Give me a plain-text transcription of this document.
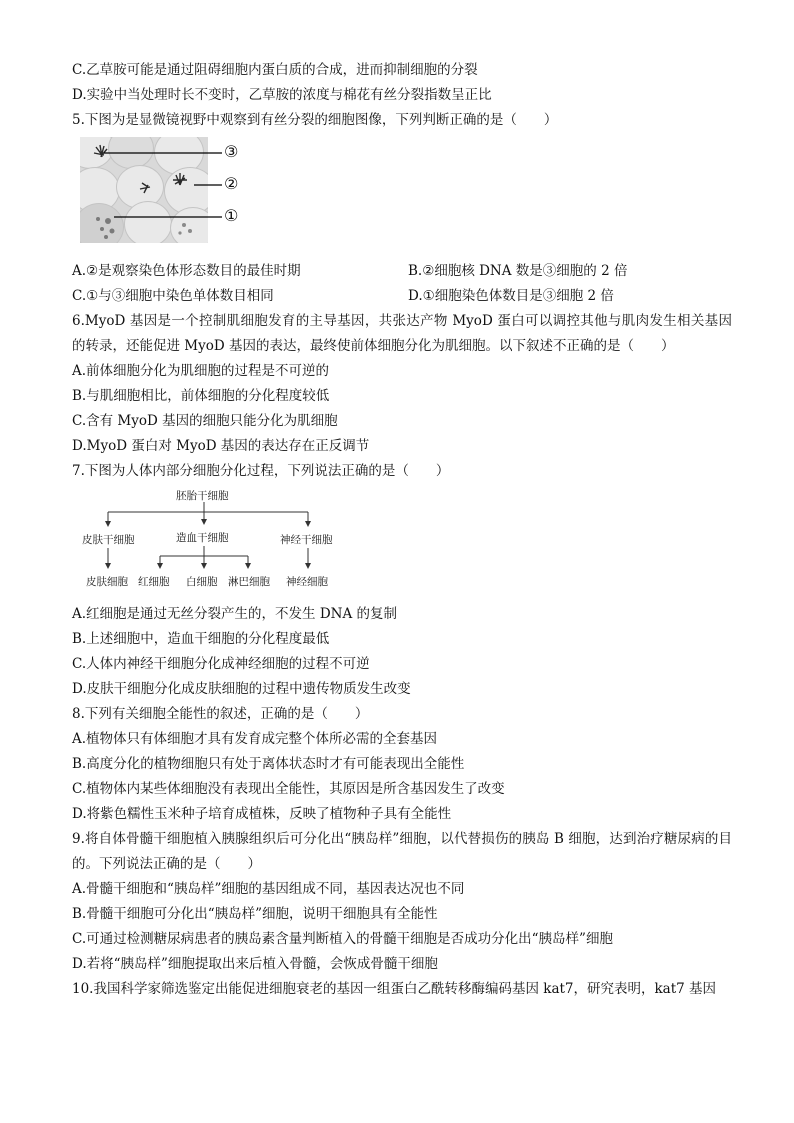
C.乙草胺可能是通过阻碍细胞内蛋白质的合成，进而抑制细胞的分裂
D.实验中当处理时长不变时，乙草胺的浓度与棉花有丝分裂指数呈正比
5.下图为是显微镜视野中观察到有丝分裂的细胞图像，下列判断正确的是（　　）
③
②
①
A.②是观察染色体形态数目的最佳时期	B.②细胞核 DNA 数是③细胞的 2 倍
C.①与③细胞中染色单体数目相同	D.①细胞染色体数目是③细胞 2 倍
6.MyoD 基因是一个控制肌细胞发育的主导基因，共张达产物 MyoD 蛋白可以调控其他与肌肉发生相关基因的转录，还能促进 MyoD 基因的表达，最终使前体细胞分化为肌细胞。以下叙述不正确的是（　　）
A.前体细胞分化为肌细胞的过程是不可逆的
B.与肌细胞相比，前体细胞的分化程度较低
C.含有 MyoD 基因的细胞只能分化为肌细胞
D.MyoD 蛋白对 MyoD 基因的表达存在正反调节
7.下图为人体内部分细胞分化过程，下列说法正确的是（　　）
胚胎干细胞
皮肤干细胞	造血干细胞	神经干细胞
皮肤细胞 红细胞 白细胞 淋巴细胞 神经细胞
A.红细胞是通过无丝分裂产生的，不发生 DNA 的复制
B.上述细胞中，造血干细胞的分化程度最低
C.人体内神经干细胞分化成神经细胞的过程不可逆
D.皮肤干细胞分化成皮肤细胞的过程中遗传物质发生改变
8.下列有关细胞全能性的叙述，正确的是（　　）
A.植物体只有体细胞才具有发育成完整个体所必需的全套基因
B.高度分化的植物细胞只有处于离体状态时才有可能表现出全能性
C.植物体内某些体细胞没有表现出全能性，其原因是所含基因发生了改变
D.将紫色糯性玉米种子培育成植株，反映了植物种子具有全能性
9.将自体骨髓干细胞植入胰腺组织后可分化出“胰岛样”细胞，以代替损伤的胰岛 B 细胞，达到治疗糖尿病的目的。下列说法正确的是（　　）
A.骨髓干细胞和“胰岛样”细胞的基因组成不同，基因表达况也不同
B.骨髓干细胞可分化出“胰岛样”细胞，说明干细胞具有全能性
C.可通过检测糖尿病患者的胰岛素含量判断植入的骨髓干细胞是否成功分化出“胰岛样”细胞
D.若将“胰岛样”细胞提取出来后植入骨髓，会恢成骨髓干细胞
10.我国科学家筛选鉴定出能促进细胞衰老的基因一组蛋白乙酰转移酶编码基因 kat7，研究表明，kat7 基因
